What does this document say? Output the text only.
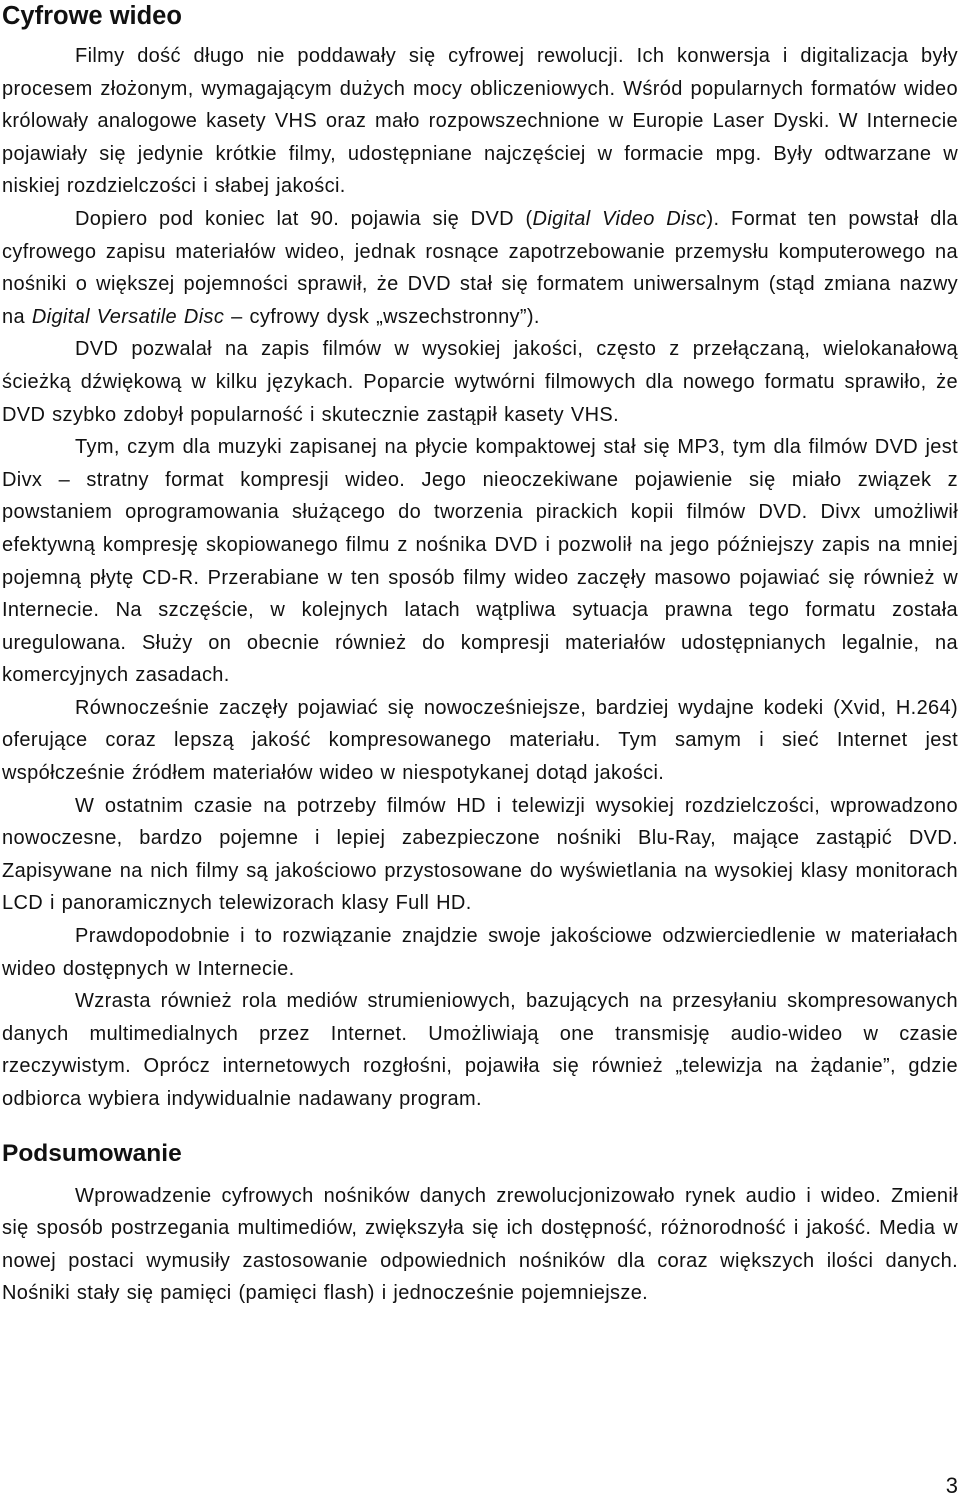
Cyfrowe wideo

Filmy dość długo nie poddawały się cyfrowej rewolucji. Ich konwersja i digitalizacja były procesem złożonym, wymagającym dużych mocy obliczeniowych. Wśród popularnych formatów wideo królowały analogowe kasety VHS oraz mało rozpowszechnione w Europie Laser Dyski. W Internecie pojawiały się jedynie krótkie filmy, udostępniane najczęściej w formacie mpg. Były odtwarzane w niskiej rozdzielczości i słabej jakości.

Dopiero pod koniec lat 90. pojawia się DVD (Digital Video Disc). Format ten powstał dla cyfrowego zapisu materiałów wideo, jednak rosnące zapotrzebowanie przemysłu komputerowego na nośniki o większej pojemności sprawił, że DVD stał się formatem uniwersalnym (stąd zmiana nazwy na Digital Versatile Disc – cyfrowy dysk „wszechstronny”).

DVD pozwalał na zapis filmów w wysokiej jakości, często z przełączaną, wielokanałową ścieżką dźwiękową w kilku językach. Poparcie wytwórni filmowych dla nowego formatu sprawiło, że DVD szybko zdobył popularność i skutecznie zastąpił kasety VHS.

Tym, czym dla muzyki zapisanej na płycie kompaktowej stał się MP3, tym dla filmów DVD jest Divx – stratny format kompresji wideo. Jego nieoczekiwane pojawienie się miało związek z powstaniem oprogramowania służącego do tworzenia pirackich kopii filmów DVD. Divx umożliwił efektywną kompresję skopiowanego filmu z nośnika DVD i pozwolił na jego późniejszy zapis na mniej pojemną płytę CD-R. Przerabiane w ten sposób filmy wideo zaczęły masowo pojawiać się również w Internecie. Na szczęście, w kolejnych latach wątpliwa sytuacja prawna tego formatu została uregulowana. Służy on obecnie również do kompresji materiałów udostępnianych legalnie, na komercyjnych zasadach.

Równocześnie zaczęły pojawiać się nowocześniejsze, bardziej wydajne kodeki (Xvid, H.264) oferujące coraz lepszą jakość kompresowanego materiału. Tym samym i sieć Internet jest współcześnie źródłem materiałów wideo w niespotykanej dotąd jakości.

W ostatnim czasie na potrzeby filmów HD i telewizji wysokiej rozdzielczości, wprowadzono nowoczesne, bardzo pojemne i lepiej zabezpieczone nośniki Blu-Ray, mające zastąpić DVD. Zapisywane na nich filmy są jakościowo przystosowane do wyświetlania na wysokiej klasy monitorach LCD i panoramicznych telewizorach klasy Full HD.

Prawdopodobnie i to rozwiązanie znajdzie swoje jakościowe odzwierciedlenie w materiałach wideo dostępnych w Internecie.

Wzrasta również rola mediów strumieniowych, bazujących na przesyłaniu skompresowanych danych multimedialnych przez Internet. Umożliwiają one transmisję audio-wideo w czasie rzeczywistym. Oprócz internetowych rozgłośni, pojawiła się również „telewizja na żądanie”, gdzie odbiorca wybiera indywidualnie nadawany program.

Podsumowanie

Wprowadzenie cyfrowych nośników danych zrewolucjonizowało rynek audio i wideo. Zmienił się sposób postrzegania multimediów, zwiększyła się ich dostępność, różnorodność i jakość. Media w nowej postaci wymusiły zastosowanie odpowiednich nośników dla coraz większych ilości danych. Nośniki stały się pamięci (pamięci flash) i jednocześnie pojemniejsze.

3
